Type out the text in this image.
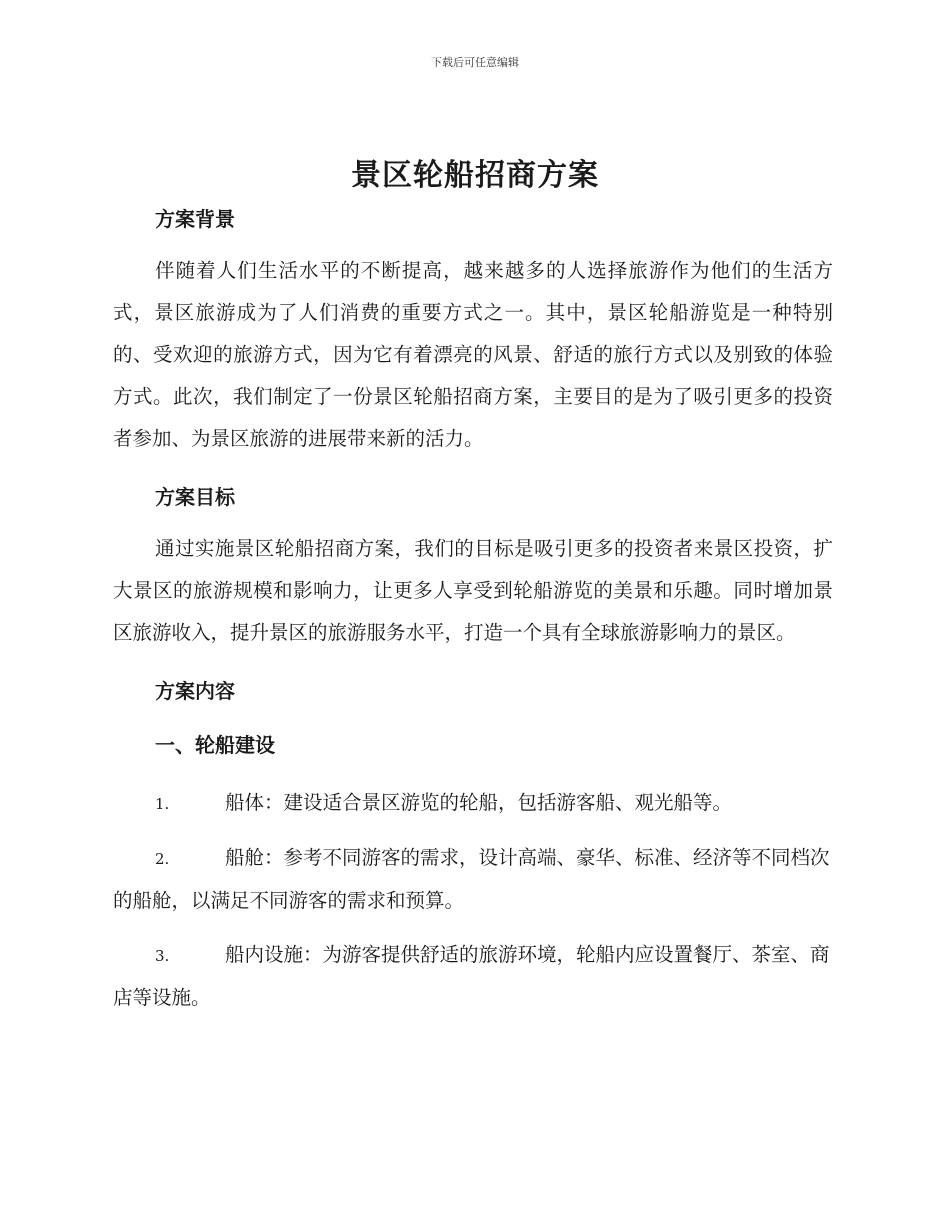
下载后可任意编辑
景区轮船招商方案
方案背景

伴随着人们生活水平的不断提高，越来越多的人选择旅游作为他们的生活方式，景区旅游成为了人们消费的重要方式之一。其中，景区轮船游览是一种特别的、受欢迎的旅游方式，因为它有着漂亮的风景、舒适的旅行方式以及别致的体验方式。此次，我们制定了一份景区轮船招商方案，主要目的是为了吸引更多的投资者参加、为景区旅游的进展带来新的活力。

方案目标

通过实施景区轮船招商方案，我们的目标是吸引更多的投资者来景区投资，扩大景区的旅游规模和影响力，让更多人享受到轮船游览的美景和乐趣。同时增加景区旅游收入，提升景区的旅游服务水平，打造一个具有全球旅游影响力的景区。

方案内容
一、轮船建设

1.	船体：建设适合景区游览的轮船，包括游客船、观光船等。

2.	船舱：参考不同游客的需求，设计高端、豪华、标准、经济等不同档次的船舱，以满足不同游客的需求和预算。

3.	船内设施：为游客提供舒适的旅游环境，轮船内应设置餐厅、茶室、商店等设施。
